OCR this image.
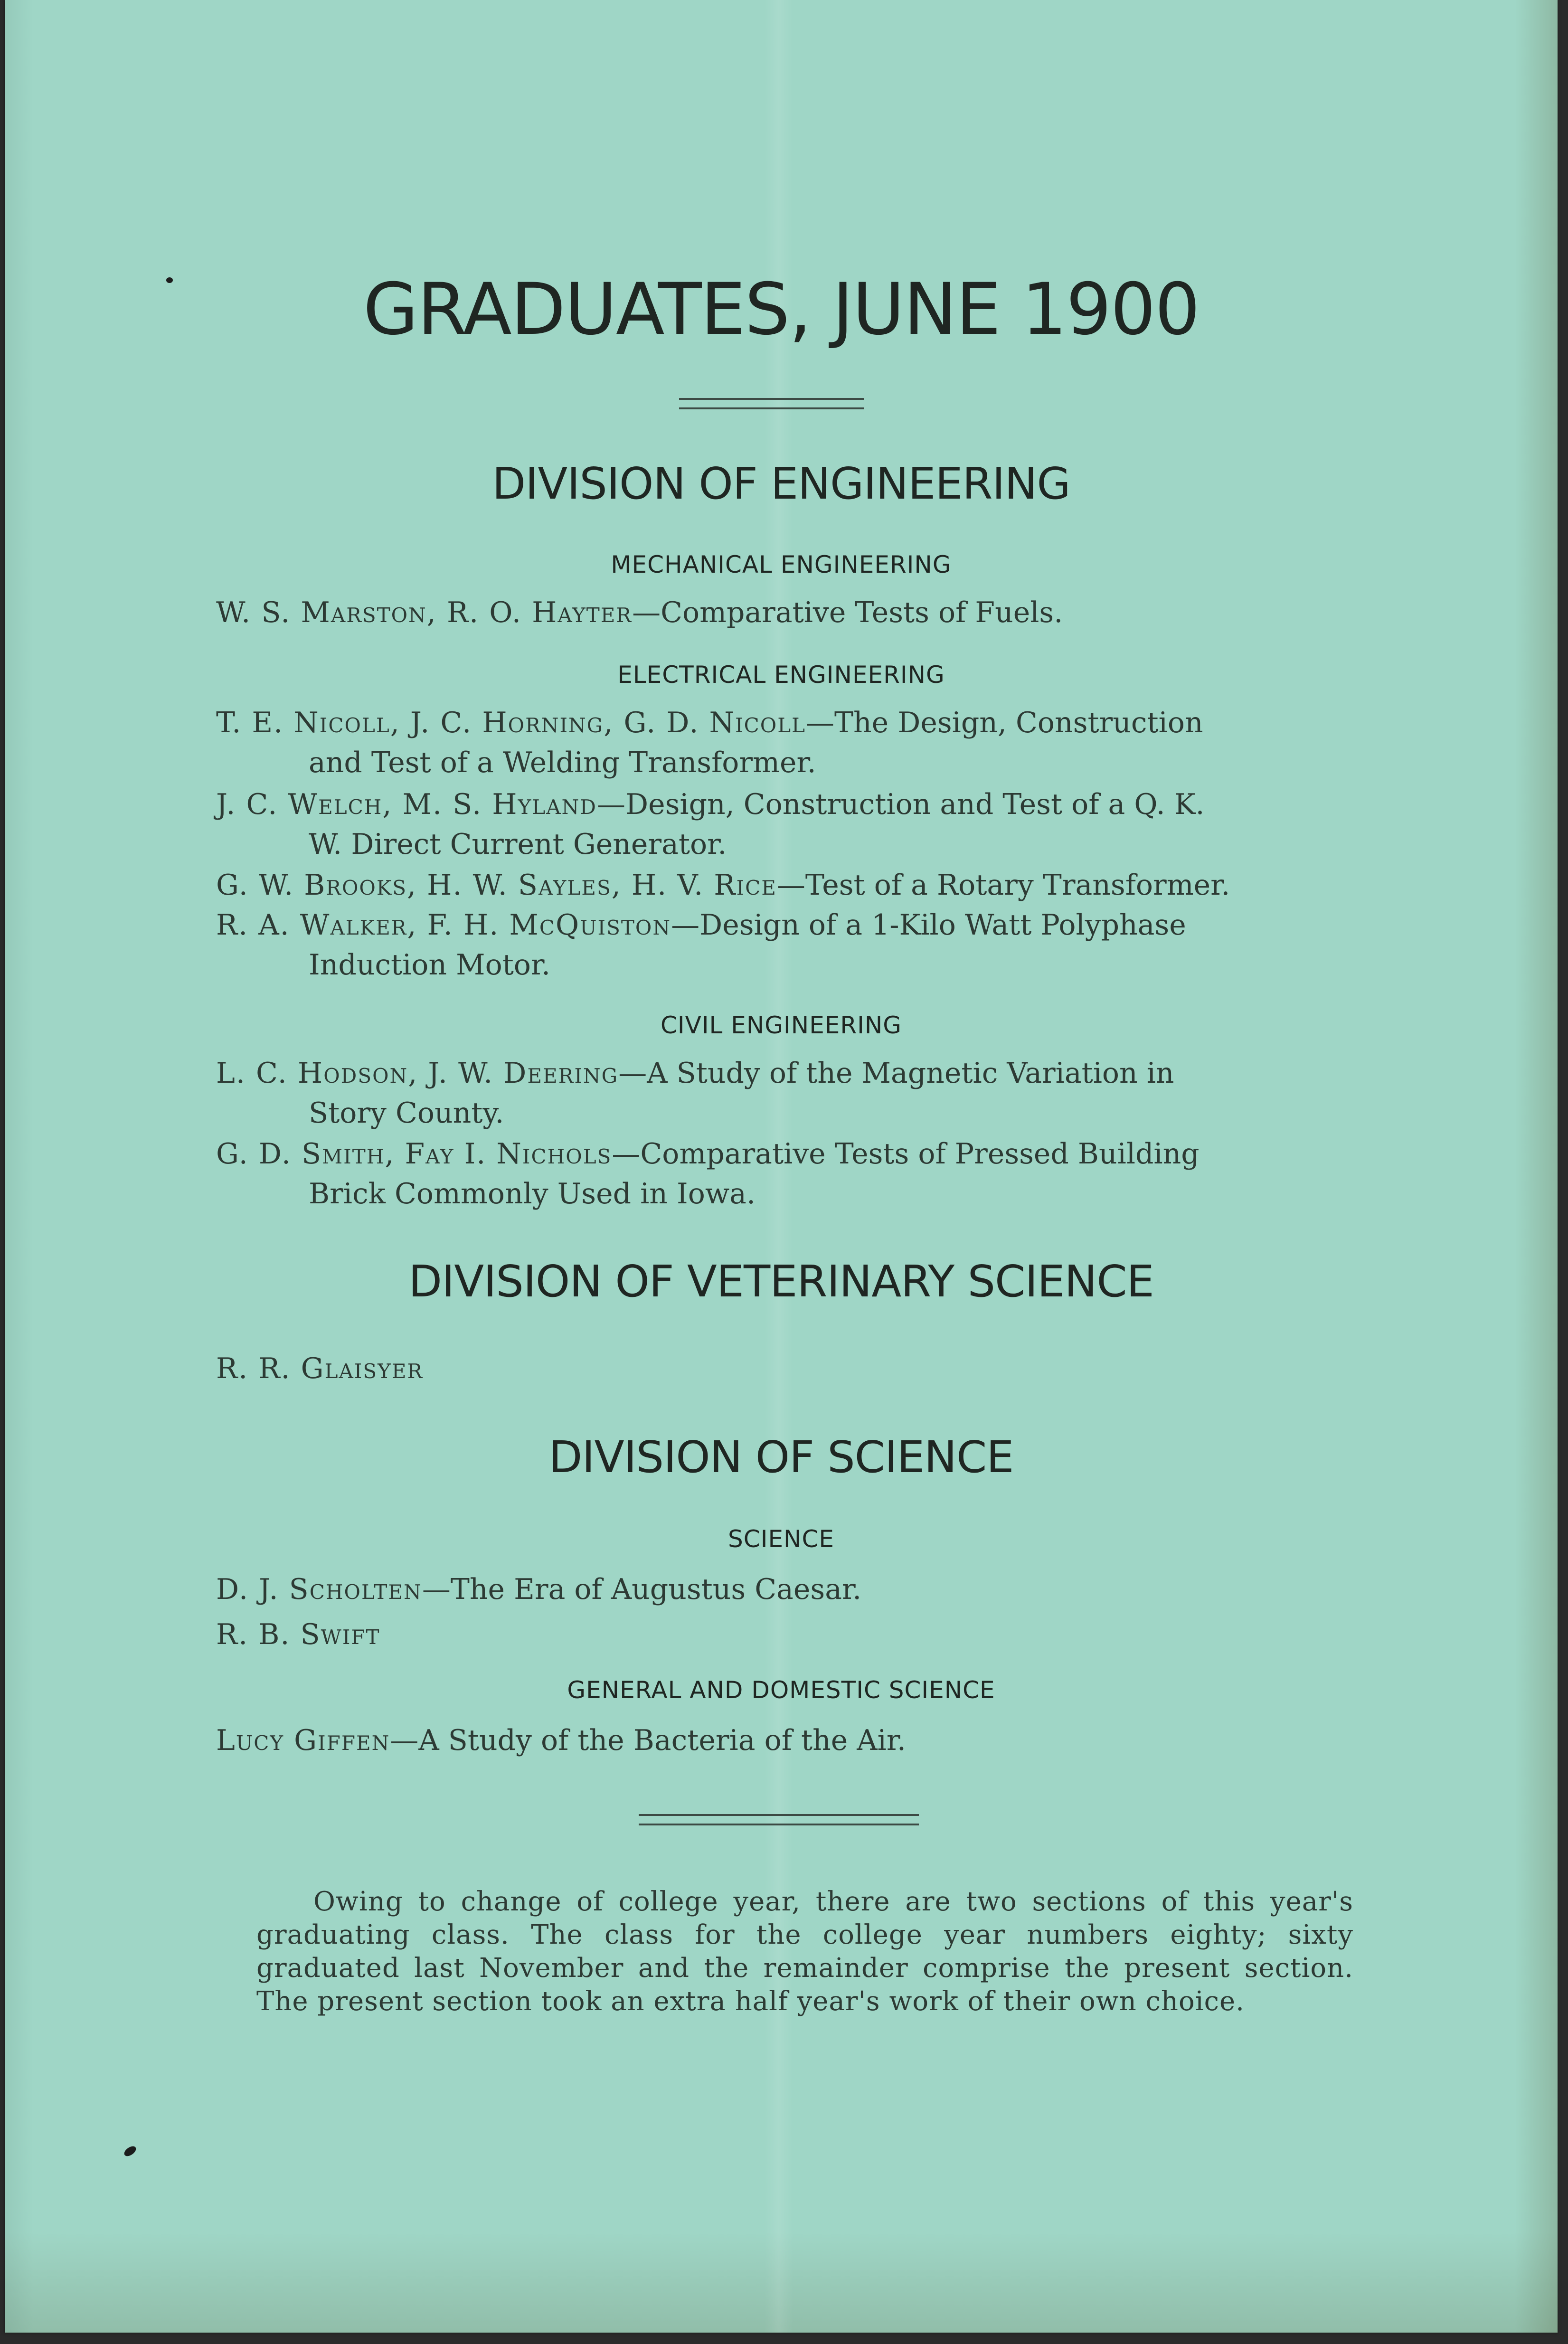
GRADUATES, JUNE 1900
DIVISION OF ENGINEERING
MECHANICAL ENGINEERING
W. S. Marston, R. O. Hayter—Comparative Tests of Fuels.
ELECTRICAL ENGINEERING
T. E. Nicoll, J. C. Horning, G. D. Nicoll—The Design, Construction
and Test of a Welding Transformer.
J. C. Welch, M. S. Hyland—Design, Construction and Test of a Q. K.
W. Direct Current Generator.
G. W. Brooks, H. W. Sayles, H. V. Rice—Test of a Rotary Transformer.
R. A. Walker, F. H. McQuiston—Design of a 1-Kilo Watt Polyphase
Induction Motor.
CIVIL ENGINEERING
L. C. Hodson, J. W. Deering—A Study of the Magnetic Variation in
Story County.
G. D. Smith, Fay I. Nichols—Comparative Tests of Pressed Building
Brick Commonly Used in Iowa.
DIVISION OF VETERINARY SCIENCE
R. R. Glaisyer
DIVISION OF SCIENCE
SCIENCE
D. J. Scholten—The Era of Augustus Caesar.
R. B. Swift
GENERAL AND DOMESTIC SCIENCE
Lucy Giffen—A Study of the Bacteria of the Air.

Owing to change of college year, there are two sections of this year's graduating class. The class for the college year numbers eighty; sixty graduated last November and the remainder comprise the present section. The present section took an extra half year's work of their own choice.
